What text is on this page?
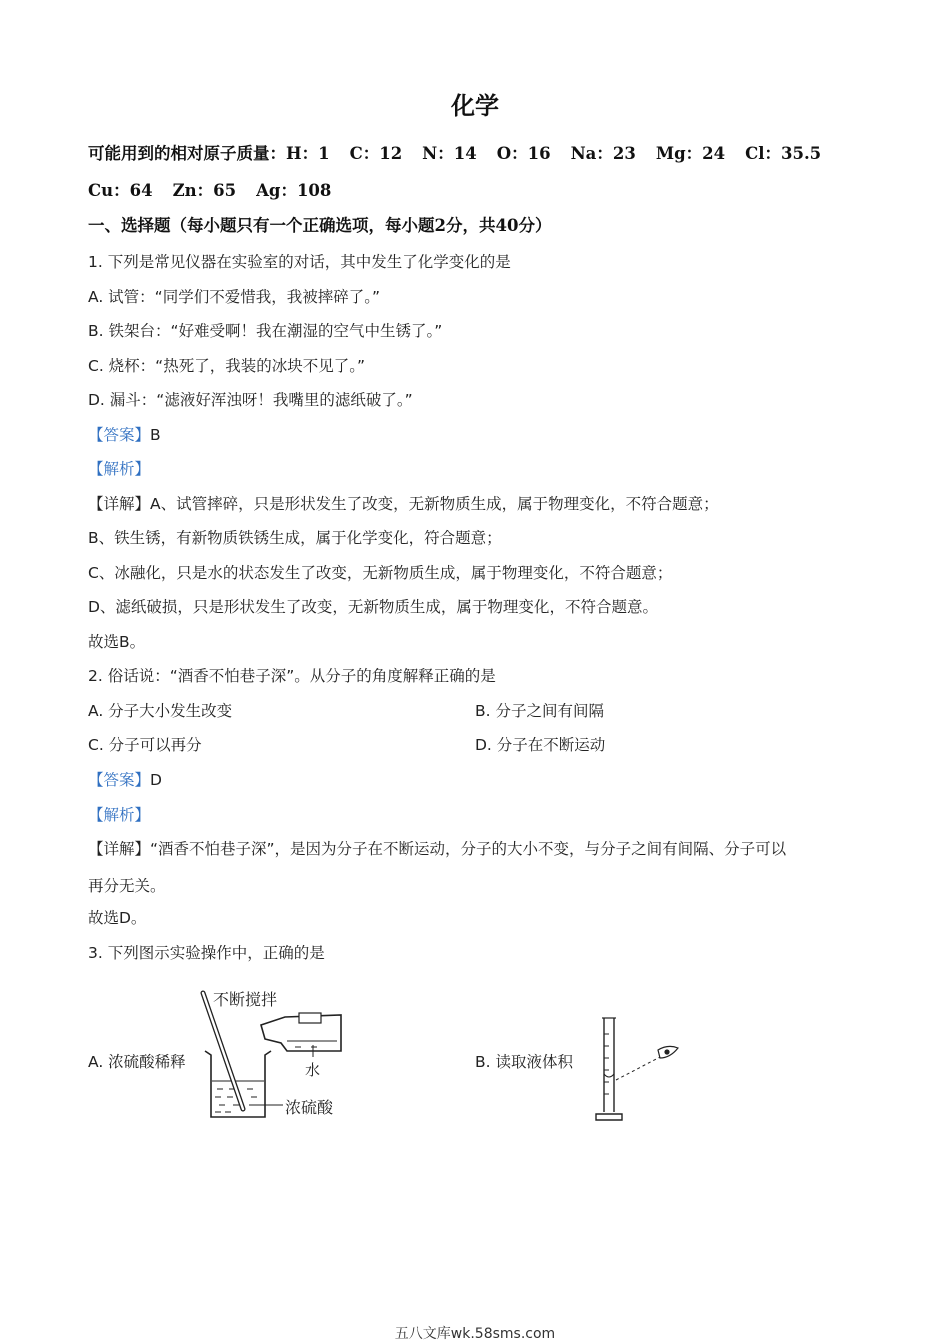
化学
可能用到的相对原子质量：H：1 C：12 N：14 O：16 Na：23 Mg：24 Cl：35.5
Cu：64 Zn：65 Ag：108
一、选择题（每小题只有一个正确选项，每小题2分，共40分）
1. 下列是常见仪器在实验室的对话，其中发生了化学变化的是
A. 试管：“同学们不爱惜我，我被摔碎了。”
B. 铁架台：“好难受啊！我在潮湿的空气中生锈了。”
C. 烧杯：“热死了，我装的冰块不见了。”
D. 漏斗：“滤液好浑浊呀！我嘴里的滤纸破了。”
【答案】B
【解析】
【详解】A、试管摔碎，只是形状发生了改变，无新物质生成，属于物理变化，不符合题意；
B、铁生锈，有新物质铁锈生成，属于化学变化，符合题意；
C、冰融化，只是水的状态发生了改变，无新物质生成，属于物理变化，不符合题意；
D、滤纸破损，只是形状发生了改变，无新物质生成，属于物理变化，不符合题意。
故选B。
2. 俗话说：“酒香不怕巷子深”。从分子的角度解释正确的是
A. 分子大小发生改变	B. 分子之间有间隔
C. 分子可以再分	D. 分子在不断运动
【答案】D
【解析】
【详解】“酒香不怕巷子深”，是因为分子在不断运动，分子的大小不变，与分子之间有间隔、分子可以
再分无关。
故选D。
3. 下列图示实验操作中，正确的是
A. 浓硫酸稀释	B. 读取液体积
不断搅拌
水
浓硫酸
五八文库wk.58sms.com
